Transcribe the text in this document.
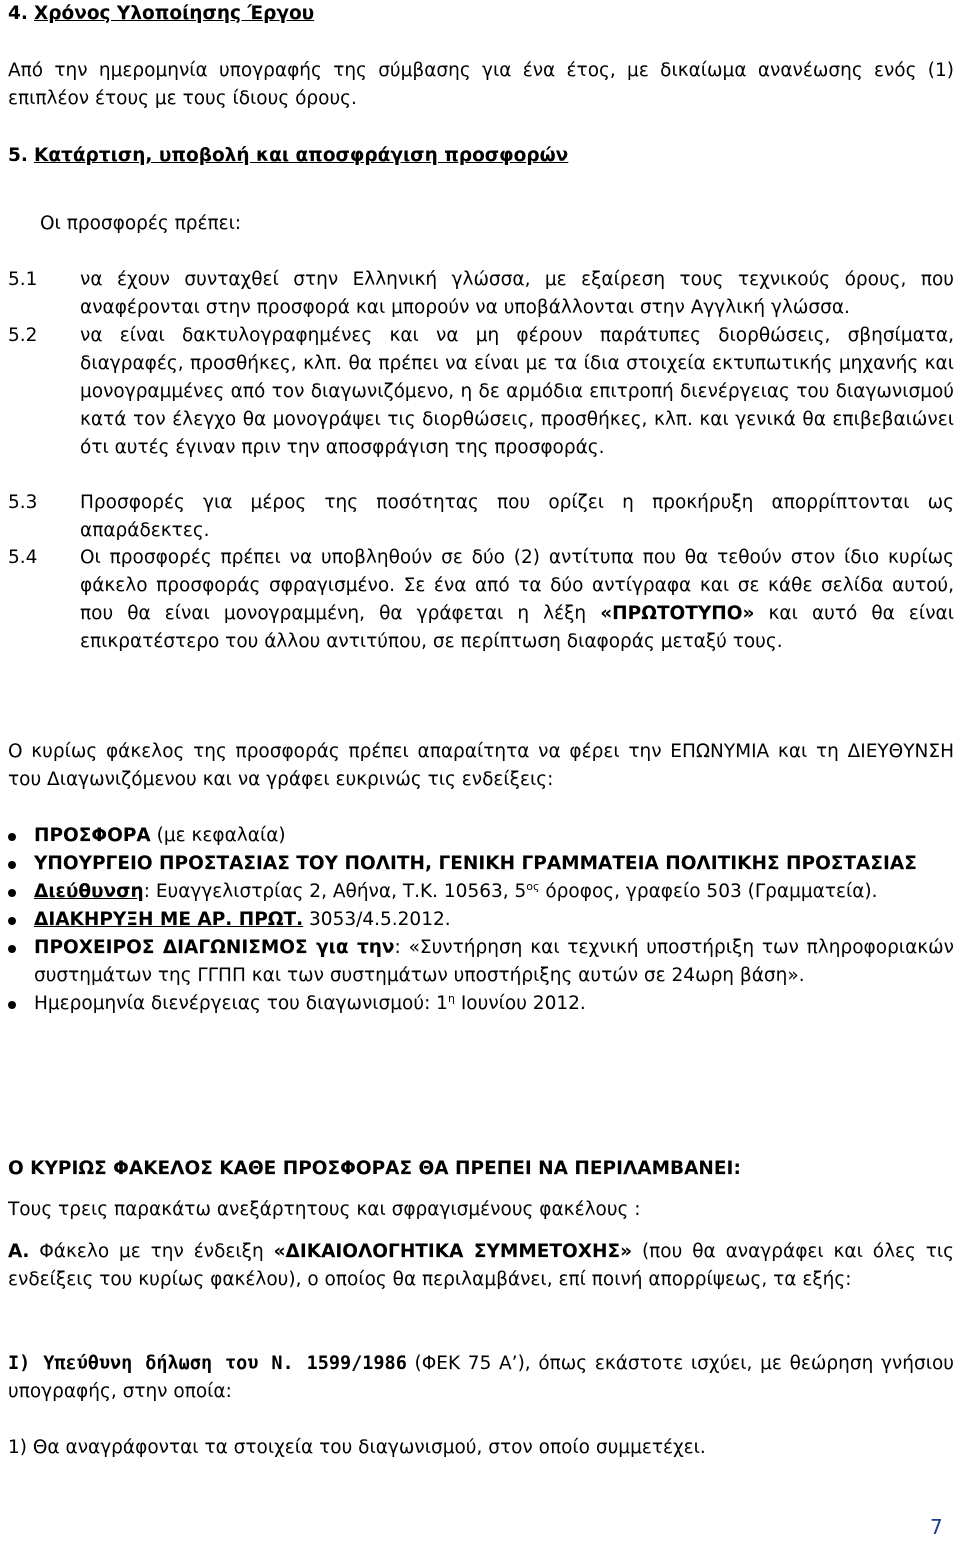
4. Χρόνος Υλοποίησης Έργου
Από την ημερομηνία υπογραφής της σύμβασης για ένα έτος, με δικαίωμα ανανέωσης ενός (1) επιπλέον έτους με τους ίδιους όρους.
5. Κατάρτιση, υποβολή και αποσφράγιση προσφορών
Οι προσφορές πρέπει:
5.1	να έχουν συνταχθεί στην Ελληνική γλώσσα, με εξαίρεση τους τεχνικούς όρους, που αναφέρονται στην προσφορά και μπορούν να υποβάλλονται στην Αγγλική γλώσσα.
5.2	να είναι δακτυλογραφημένες και να μη φέρουν παράτυπες διορθώσεις, σβησίματα, διαγραφές, προσθήκες, κλπ. θα πρέπει να είναι με τα ίδια στοιχεία εκτυπωτικής μηχανής και μονογραμμένες από τον διαγωνιζόμενο, η δε αρμόδια επιτροπή διενέργειας του διαγωνισμού κατά τον έλεγχο θα μονογράψει τις διορθώσεις, προσθήκες, κλπ. και γενικά θα επιβεβαιώνει ότι αυτές έγιναν πριν την αποσφράγιση της προσφοράς.
5.3	Προσφορές για μέρος της ποσότητας που ορίζει η προκήρυξη απορρίπτονται ως απαράδεκτες.
5.4	Οι προσφορές πρέπει να υποβληθούν σε δύο (2) αντίτυπα που θα τεθούν στον ίδιο κυρίως φάκελο προσφοράς σφραγισμένο. Σε ένα από τα δύο αντίγραφα και σε κάθε σελίδα αυτού, που θα είναι μονογραμμένη, θα γράφεται η λέξη «ΠΡΩΤΟΤΥΠΟ» και αυτό θα είναι επικρατέστερο του άλλου αντιτύπου, σε περίπτωση διαφοράς μεταξύ τους.
Ο κυρίως φάκελος της προσφοράς πρέπει απαραίτητα να φέρει την ΕΠΩΝΥΜΙΑ και τη ΔΙΕΥΘΥΝΣΗ του Διαγωνιζόμενου και να γράφει ευκρινώς τις ενδείξεις:
ΠΡΟΣΦΟΡΑ (με κεφαλαία)
ΥΠΟΥΡΓΕΙΟ ΠΡΟΣΤΑΣΙΑΣ ΤΟΥ ΠΟΛΙΤΗ, ΓΕΝΙΚΗ ΓΡΑΜΜΑΤΕΙΑ ΠΟΛΙΤΙΚΗΣ ΠΡΟΣΤΑΣΙΑΣ
Διεύθυνση: Ευαγγελιστρίας 2, Αθήνα, Τ.Κ. 10563, $5^{o\varsigma}$ όροφος, γραφείο 503 (Γραμματεία).
ΔΙΑΚΗΡΥΞΗ ΜΕ ΑΡ. ΠΡΩΤ. 3053/4.5.2012.
ΠΡΟΧΕΙΡΟΣ ΔΙΑΓΩΝΙΣΜΟΣ για την: «Συντήρηση και τεχνική υποστήριξη των πληροφοριακών συστημάτων της ΓΓΠΠ και των συστημάτων υποστήριξης αυτών σε 24ωρη βάση».
Ημερομηνία διενέργειας του διαγωνισμού: $1^\eta$ Ιουνίου 2012.
Ο ΚΥΡΙΩΣ ΦΑΚΕΛΟΣ ΚΑΘΕ ΠΡΟΣΦΟΡΑΣ ΘΑ ΠΡΕΠΕΙ ΝΑ ΠΕΡΙΛΑΜΒΑΝΕΙ:
Τους τρεις παρακάτω ανεξάρτητους και σφραγισμένους φακέλους :
Α. Φάκελο με την ένδειξη «ΔΙΚΑΙΟΛΟΓΗΤΙΚΑ ΣΥΜΜΕΤΟΧΗΣ» (που θα αναγράφει και όλες τις ενδείξεις του κυρίως φακέλου), ο οποίος θα περιλαμβάνει, επί ποινή απορρίψεως, τα εξής:
Ι) Υπεύθυνη δήλωση του Ν. 1599/1986 (ΦΕΚ 75 Α’), όπως εκάστοτε ισχύει, με θεώρηση γνήσιου υπογραφής, στην οποία:
1) Θα αναγράφονται τα στοιχεία του διαγωνισμού, στον οποίο συμμετέχει.
7
